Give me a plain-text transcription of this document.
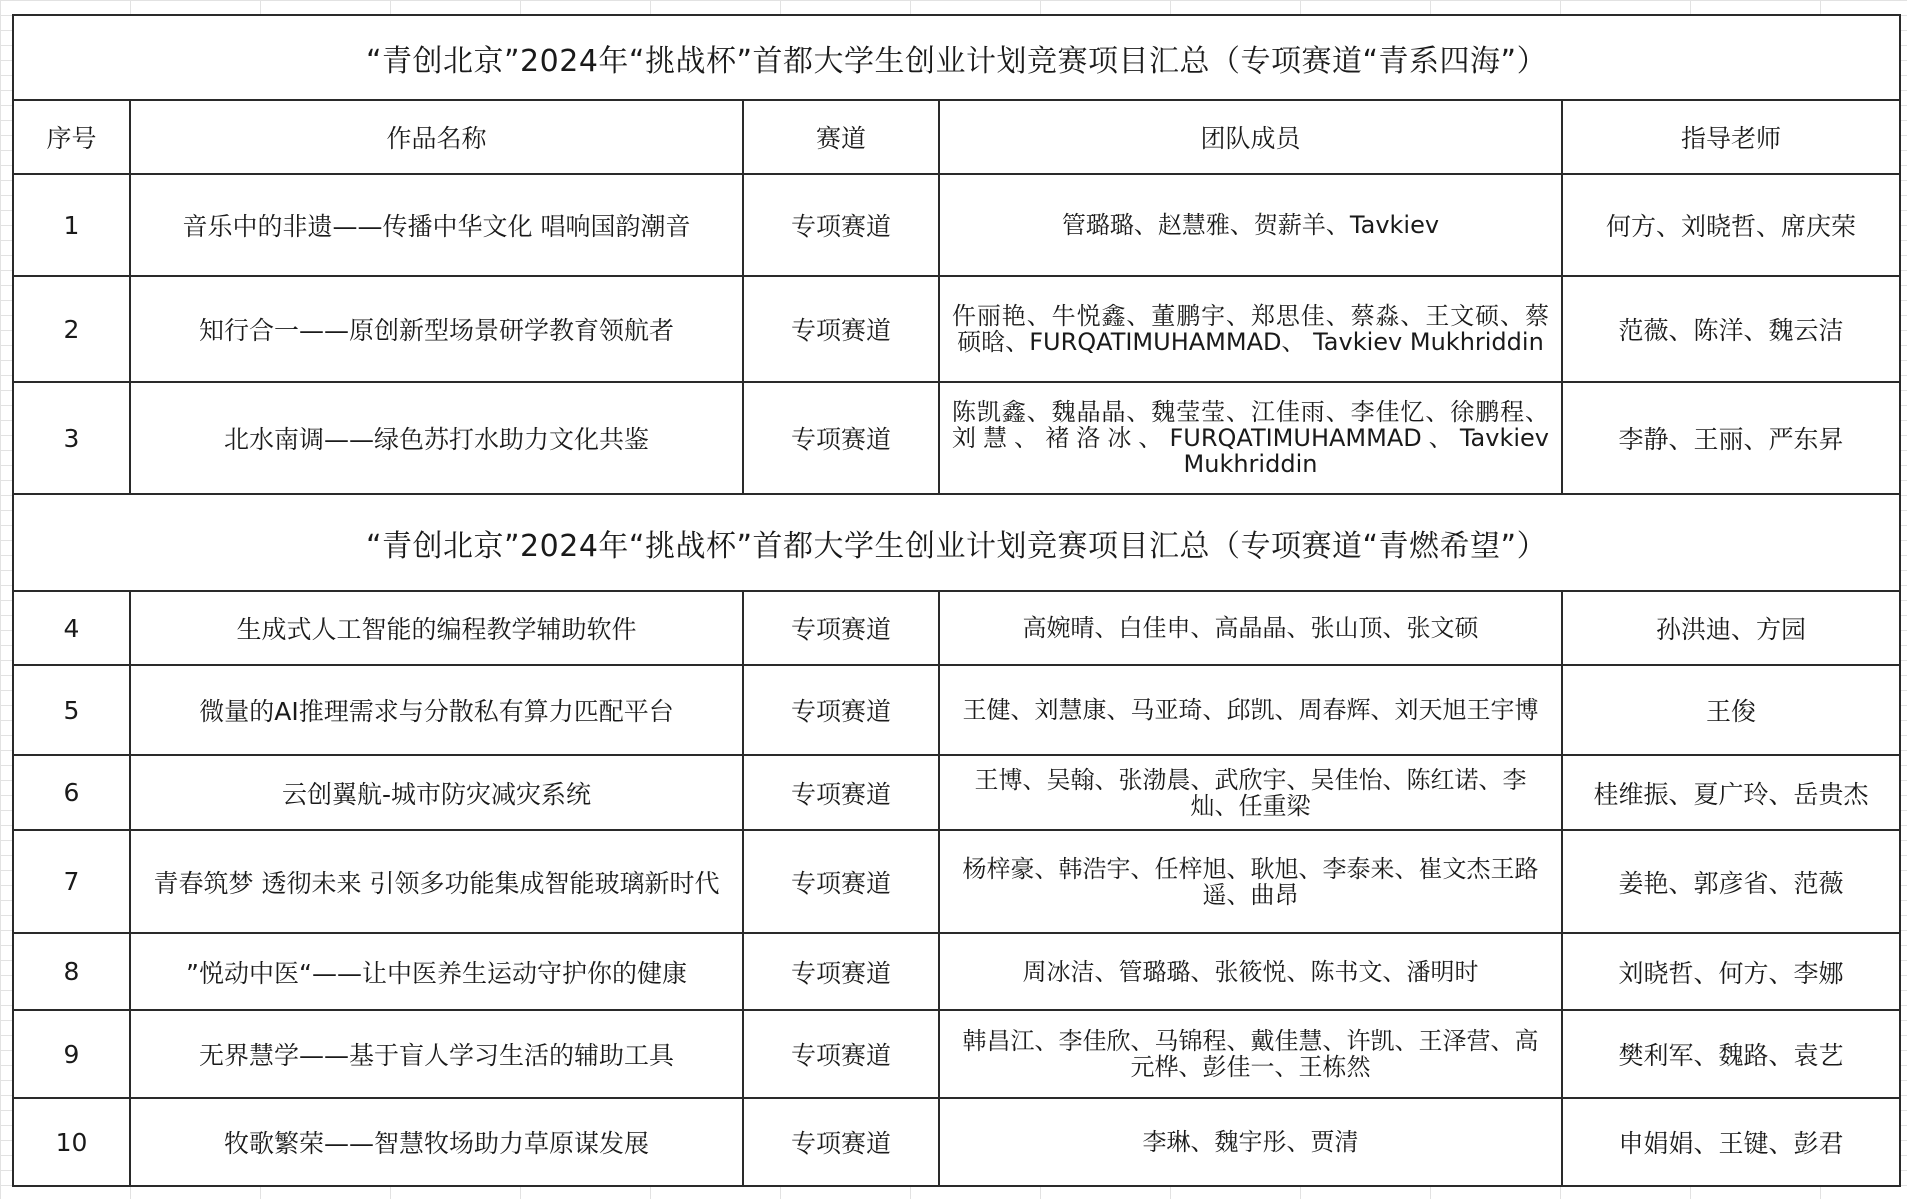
“青创北京”2024年“挑战杯”首都大学生创业计划竞赛项目汇总（专项赛道“青系四海”）				
序号	作品名称	赛道	团队成员	指导老师
1	音乐中的非遗——传播中华文化 唱响国韵潮音	专项赛道	管璐璐、赵慧雅、贺薪羊、Tavkiev	何方、刘晓哲、席庆荣
2	知行合一——原创新型场景研学教育领航者	专项赛道	仵丽艳、牛悦鑫、董鹏宇、郑思佳、蔡淼、王文硕、蔡硕晗、FURQATIMUHAMMAD、 Tavkiev Mukhriddin	范薇、陈洋、魏云洁
3	北水南调——绿色苏打水助力文化共鉴	专项赛道	陈凯鑫、魏晶晶、魏莹莹、江佳雨、李佳忆、徐鹏程、刘慧、褚洛冰、FURQATIMUHAMMAD、Tavkiev Mukhriddin	李静、王丽、严东昇
“青创北京”2024年“挑战杯”首都大学生创业计划竞赛项目汇总（专项赛道“青燃希望”）				
4	生成式人工智能的编程教学辅助软件	专项赛道	高婉晴、白佳申、高晶晶、张山顶、张文硕	孙洪迪、方园
5	微量的AI推理需求与分散私有算力匹配平台	专项赛道	王健、刘慧康、马亚琦、邱凯、周春辉、刘天旭王宇博	王俊
6	云创翼航-城市防灾减灾系统	专项赛道	王博、吴翰、张渤晨、武欣宇、吴佳怡、陈红诺、李灿、任重梁	桂维振、夏广玲、岳贵杰
7	青春筑梦 透彻未来 引领多功能集成智能玻璃新时代	专项赛道	杨梓豪、韩浩宇、任梓旭、耿旭、李泰来、崔文杰王路遥、曲昂	姜艳、郭彦省、范薇
8	”悦动中医“——让中医养生运动守护你的健康	专项赛道	周冰洁、管璐璐、张筱悦、陈书文、潘明时	刘晓哲、何方、李娜
9	无界慧学——基于盲人学习生活的辅助工具	专项赛道	韩昌江、李佳欣、马锦程、戴佳慧、许凯、王泽营、高元桦、彭佳一、王栋然	樊利军、魏路、袁艺
10	牧歌繁荣——智慧牧场助力草原谋发展	专项赛道	李琳、魏宇彤、贾清	申娟娟、王键、彭君
